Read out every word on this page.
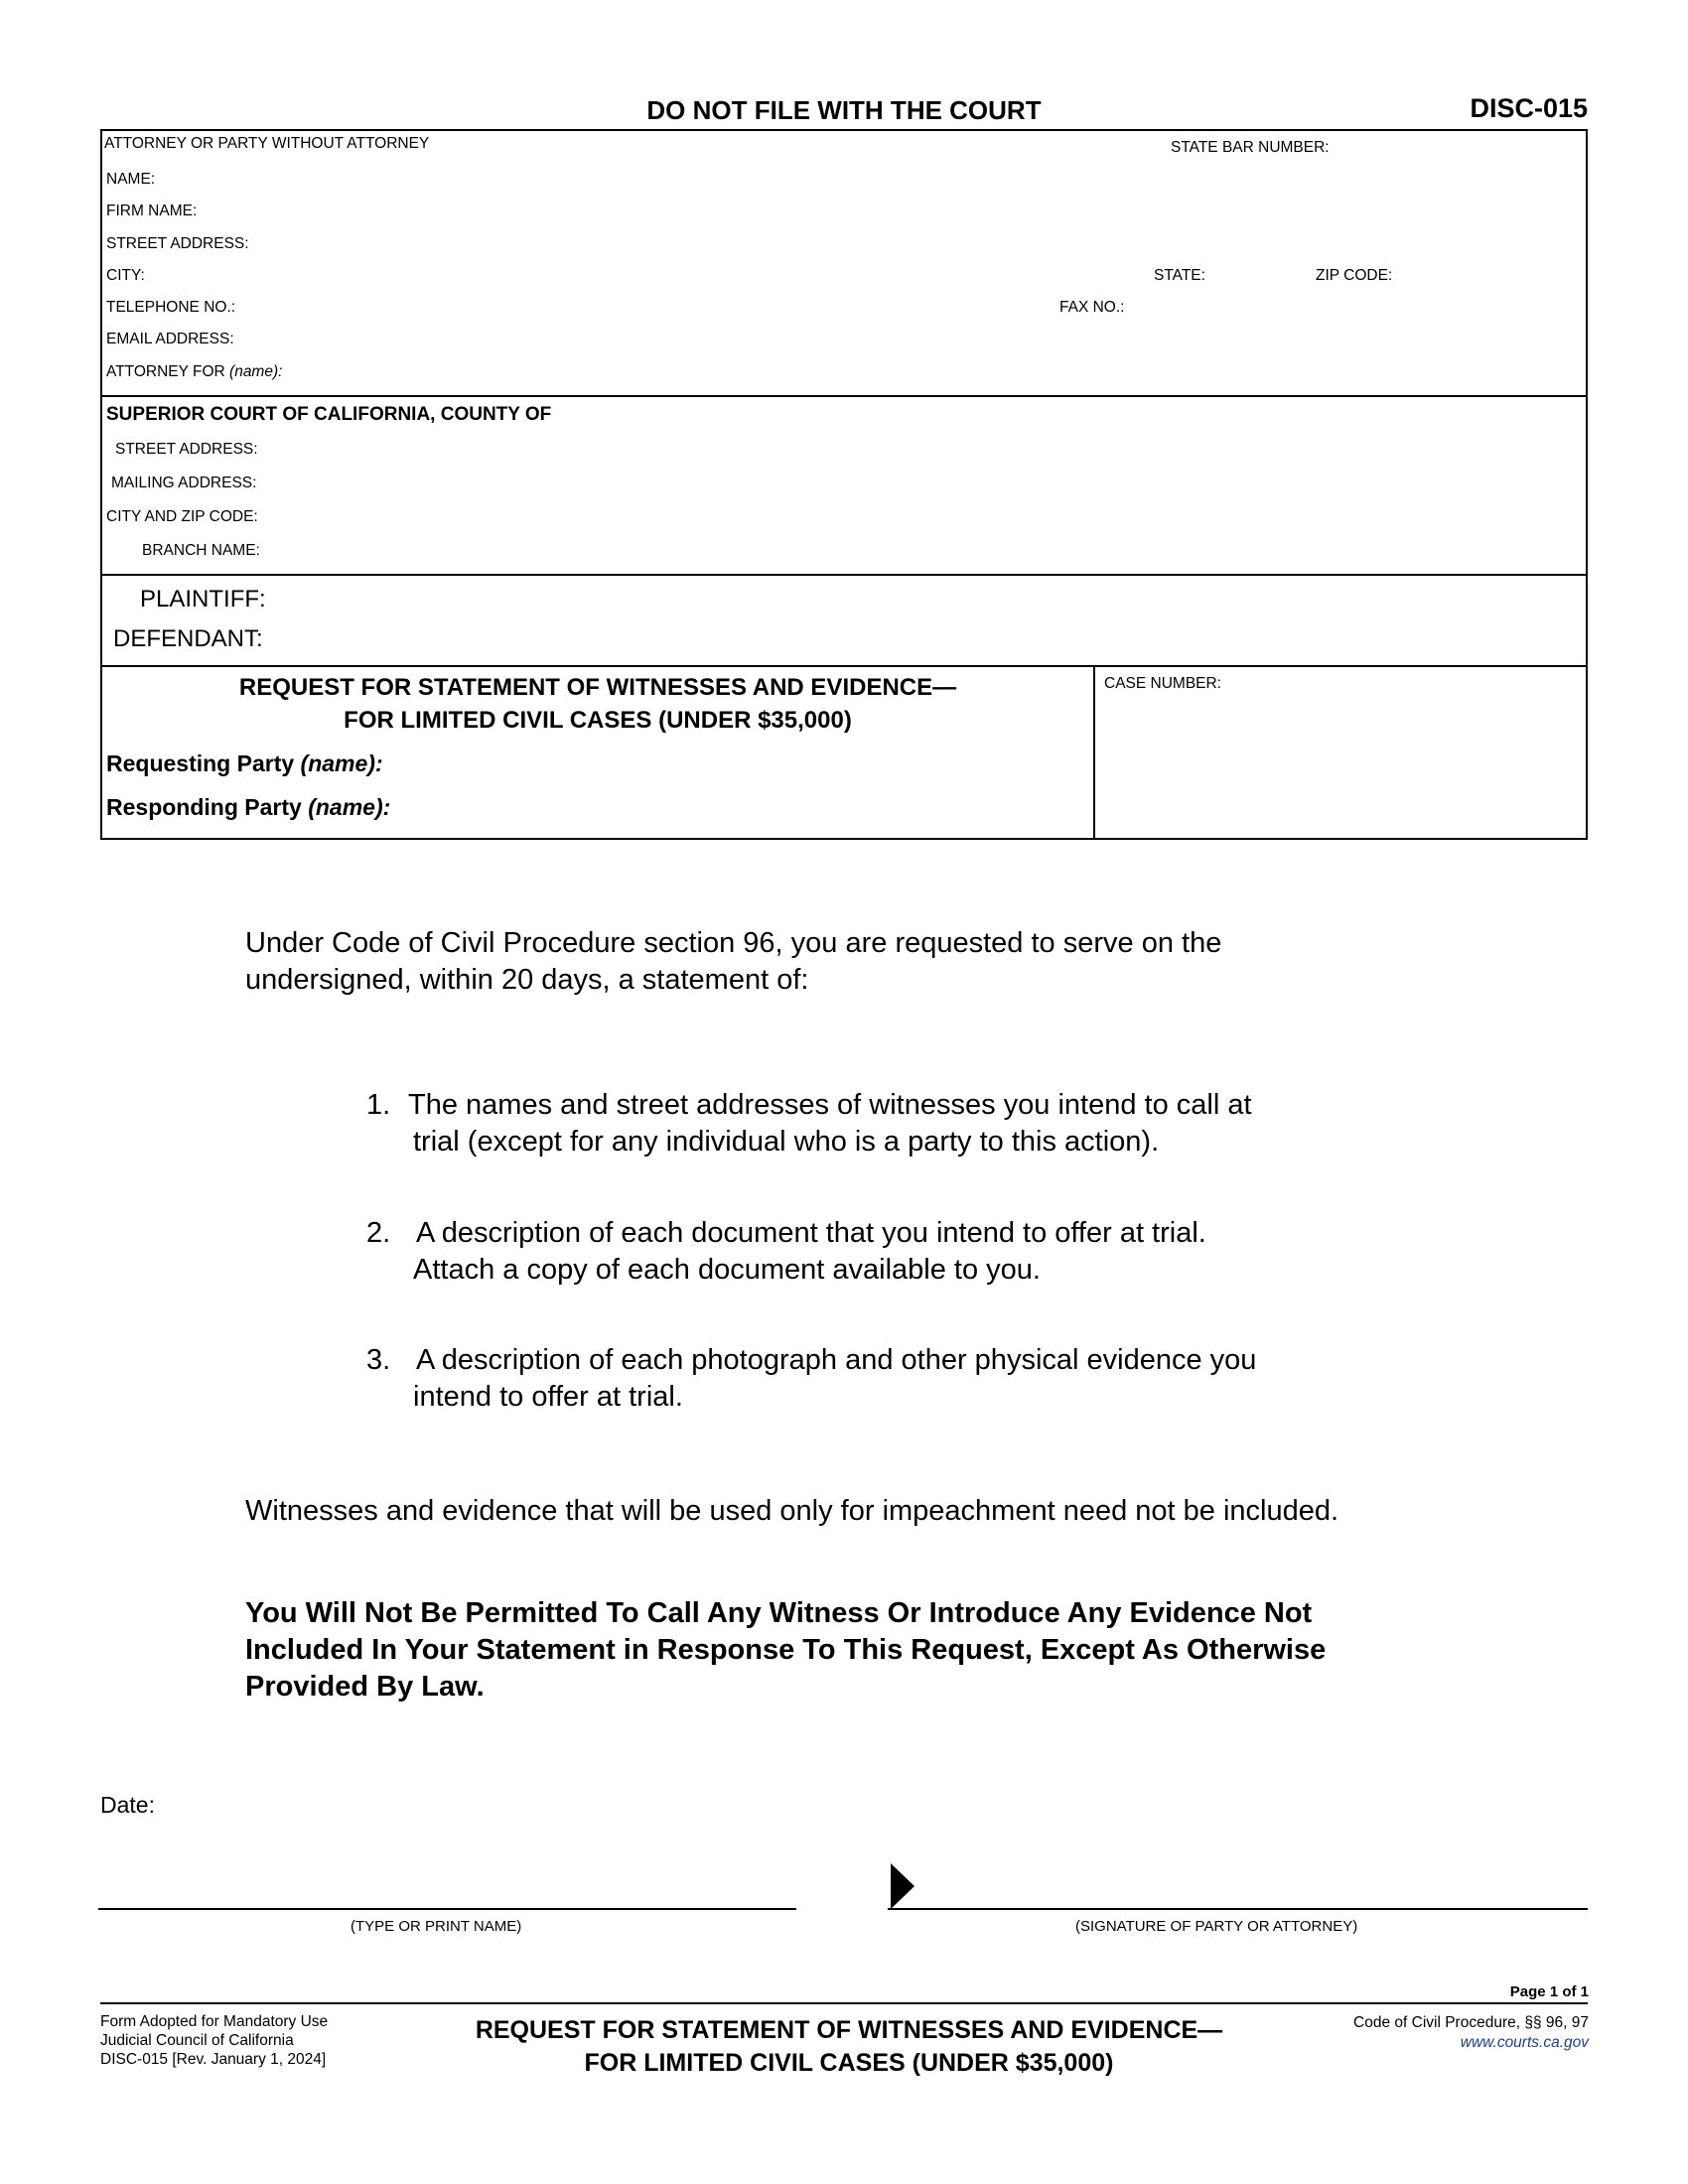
DO NOT FILE WITH THE COURT	DISC-015
ATTORNEY OR PARTY WITHOUT ATTORNEY	STATE BAR NUMBER:
NAME:
FIRM NAME:
STREET ADDRESS:
CITY:	STATE:	ZIP CODE:
TELEPHONE NO.:	FAX NO.:
EMAIL ADDRESS:
ATTORNEY FOR (name):
SUPERIOR COURT OF CALIFORNIA, COUNTY OF
STREET ADDRESS:
MAILING ADDRESS:
CITY AND ZIP CODE:
BRANCH NAME:
PLAINTIFF:
DEFENDANT:
REQUEST FOR STATEMENT OF WITNESSES AND EVIDENCE—
FOR LIMITED CIVIL CASES (UNDER $35,000)
Requesting Party (name):
Responding Party (name):
CASE NUMBER:
Under Code of Civil Procedure section 96, you are requested to serve on the
undersigned, within 20 days, a statement of:
1. The names and street addresses of witnesses you intend to call at
trial (except for any individual who is a party to this action).
2. A description of each document that you intend to offer at trial.
Attach a copy of each document available to you.
3. A description of each photograph and other physical evidence you
intend to offer at trial.
Witnesses and evidence that will be used only for impeachment need not be included.
You Will Not Be Permitted To Call Any Witness Or Introduce Any Evidence Not
Included In Your Statement in Response To This Request, Except As Otherwise
Provided By Law.
Date:
(TYPE OR PRINT NAME)	(SIGNATURE OF PARTY OR ATTORNEY)
Page 1 of 1
Form Adopted for Mandatory Use
Judicial Council of California
DISC-015 [Rev. January 1, 2024]
REQUEST FOR STATEMENT OF WITNESSES AND EVIDENCE—
FOR LIMITED CIVIL CASES (UNDER $35,000)
Code of Civil Procedure, §§ 96, 97
www.courts.ca.gov
